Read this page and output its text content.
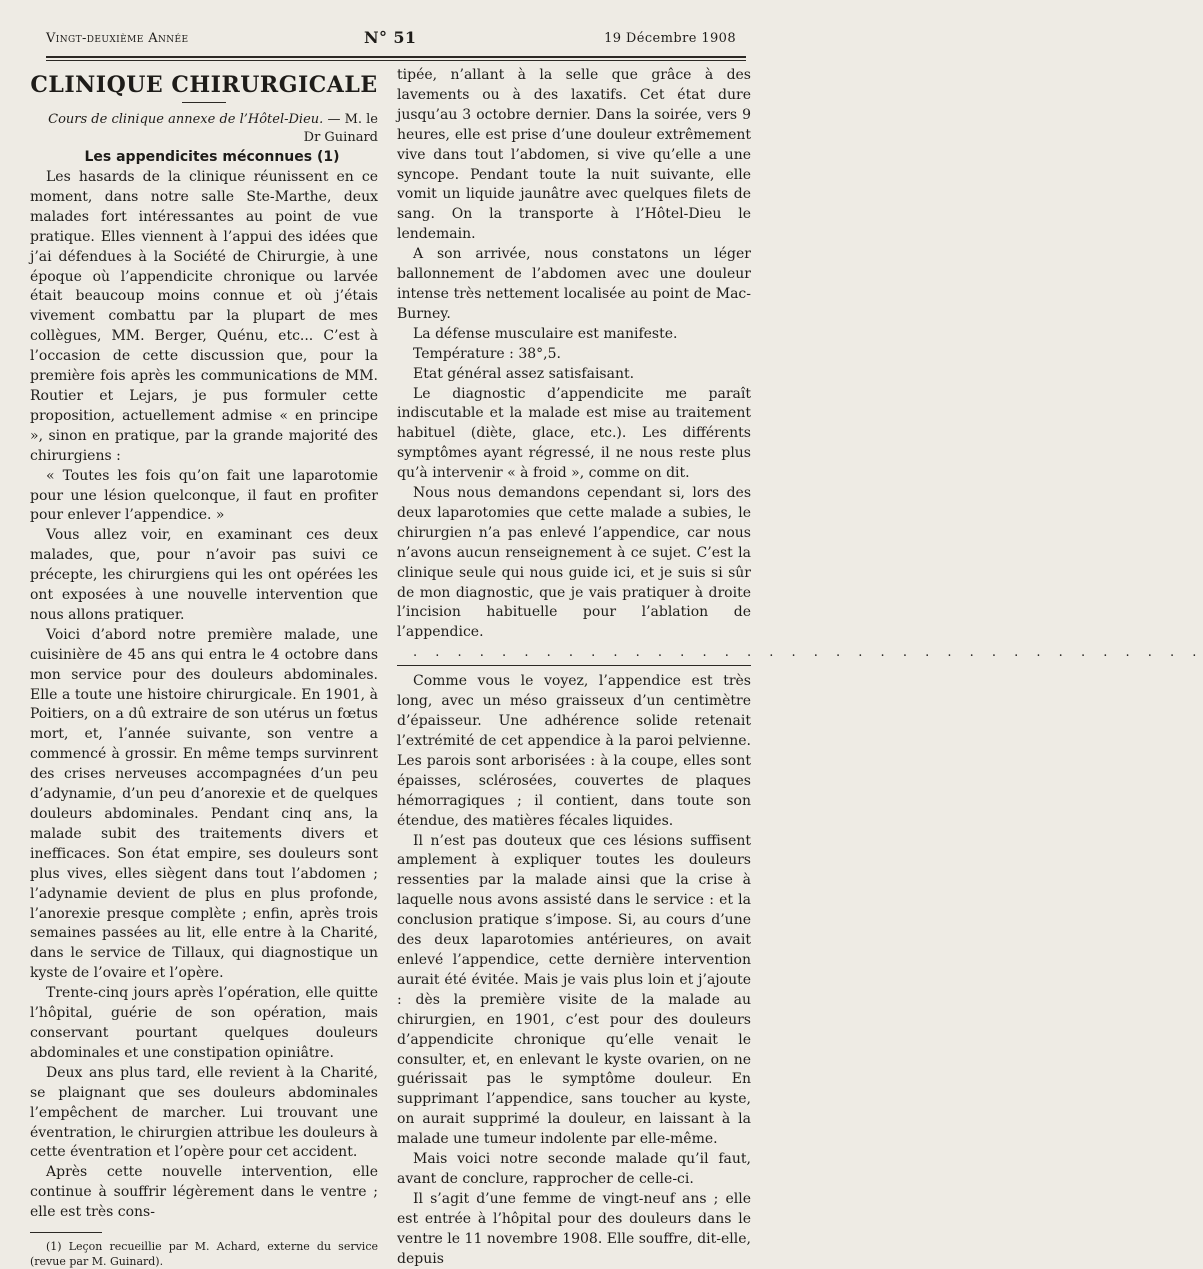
Vingt-deuxième Année	N° 51	19 Décembre 1908
CLINIQUE CHIRURGICALE

Cours de clinique annexe de l’Hôtel-Dieu. — M. le Dr Guinard

Les appendicites méconnues (1)

Les hasards de la clinique réunissent en ce moment, dans notre salle Ste-Marthe, deux malades fort intéressantes au point de vue pratique. Elles viennent à l’appui des idées que j’ai défendues à la Société de Chirurgie, à une époque où l’appendicite chronique ou larvée était beaucoup moins connue et où j’étais vivement combattu par la plupart de mes collègues, MM. Berger, Quénu, etc... C’est à l’occasion de cette discussion que, pour la première fois après les communications de MM. Routier et Lejars, je pus formuler cette proposition, actuellement admise « en principe », sinon en pratique, par la grande majorité des chirurgiens :

« Toutes les fois qu’on fait une laparotomie pour une lésion quelconque, il faut en profiter pour enlever l’appendice. »

Vous allez voir, en examinant ces deux malades, que, pour n’avoir pas suivi ce précepte, les chirurgiens qui les ont opérées les ont exposées à une nouvelle intervention que nous allons pratiquer.

Voici d’abord notre première malade, une cuisinière de 45 ans qui entra le 4 octobre dans mon service pour des douleurs abdominales. Elle a toute une histoire chirurgicale. En 1901, à Poitiers, on a dû extraire de son utérus un fœtus mort, et, l’année suivante, son ventre a commencé à grossir. En même temps survinrent des crises nerveuses accompagnées d’un peu d’adynamie, d’un peu d’anorexie et de quelques douleurs abdominales. Pendant cinq ans, la malade subit des traitements divers et inefficaces. Son état empire, ses douleurs sont plus vives, elles siègent dans tout l’abdomen ; l’adynamie devient de plus en plus profonde, l’anorexie presque complète ; enfin, après trois semaines passées au lit, elle entre à la Charité, dans le service de Tillaux, qui diagnostique un kyste de l’ovaire et l’opère.

Trente-cinq jours après l’opération, elle quitte l’hôpital, guérie de son opération, mais conservant pourtant quelques douleurs abdominales et une constipation opiniâtre.

Deux ans plus tard, elle revient à la Charité, se plaignant que ses douleurs abdominales l’empêchent de marcher. Lui trouvant une éventration, le chirurgien attribue les douleurs à cette éventration et l’opère pour cet accident.

Après cette nouvelle intervention, elle continue à souffrir légèrement dans le ventre ; elle est très cons-

(1) Leçon recueillie par M. Achard, externe du service (revue par M. Guinard).

tipée, n’allant à la selle que grâce à des lavements ou à des laxatifs. Cet état dure jusqu’au 3 octobre dernier. Dans la soirée, vers 9 heures, elle est prise d’une douleur extrêmement vive dans tout l’abdomen, si vive qu’elle a une syncope. Pendant toute la nuit suivante, elle vomit un liquide jaunâtre avec quelques filets de sang. On la transporte à l’Hôtel-Dieu le lendemain.

A son arrivée, nous constatons un léger ballonnement de l’abdomen avec une douleur intense très nettement localisée au point de Mac-Burney.

La défense musculaire est manifeste.

Température : 38°,5.

Etat général assez satisfaisant.

Le diagnostic d’appendicite me paraît indiscutable et la malade est mise au traitement habituel (diète, glace, etc.). Les différents symptômes ayant régressé, il ne nous reste plus qu’à intervenir « à froid », comme on dit.

Nous nous demandons cependant si, lors des deux laparotomies que cette malade a subies, le chirurgien n’a pas enlevé l’appendice, car nous n’avons aucun renseignement à ce sujet. C’est la clinique seule qui nous guide ici, et je suis si sûr de mon diagnostic, que je vais pratiquer à droite l’incision habituelle pour l’ablation de l’appendice.

. . . . . . . . . . . . . . . . . . . . . . . . . . . . . . . . . . . .

Comme vous le voyez, l’appendice est très long, avec un méso graisseux d’un centimètre d’épaisseur. Une adhérence solide retenait l’extrémité de cet appendice à la paroi pelvienne. Les parois sont arborisées : à la coupe, elles sont épaisses, sclérosées, couvertes de plaques hémorragiques ; il contient, dans toute son étendue, des matières fécales liquides.

Il n’est pas douteux que ces lésions suffisent amplement à expliquer toutes les douleurs ressenties par la malade ainsi que la crise à laquelle nous avons assisté dans le service : et la conclusion pratique s’impose. Si, au cours d’une des deux laparotomies antérieures, on avait enlevé l’appendice, cette dernière intervention aurait été évitée. Mais je vais plus loin et j’ajoute : dès la première visite de la malade au chirurgien, en 1901, c’est pour des douleurs d’appendicite chronique qu’elle venait le consulter, et, en enlevant le kyste ovarien, on ne guérissait pas le symptôme douleur. En supprimant l’appendice, sans toucher au kyste, on aurait supprimé la douleur, en laissant à la malade une tumeur indolente par elle-même.

Mais voici notre seconde malade qu’il faut, avant de conclure, rapprocher de celle-ci.

Il s’agit d’une femme de vingt-neuf ans ; elle est entrée à l’hôpital pour des douleurs dans le ventre le 11 novembre 1908. Elle souffre, dit-elle, depuis
